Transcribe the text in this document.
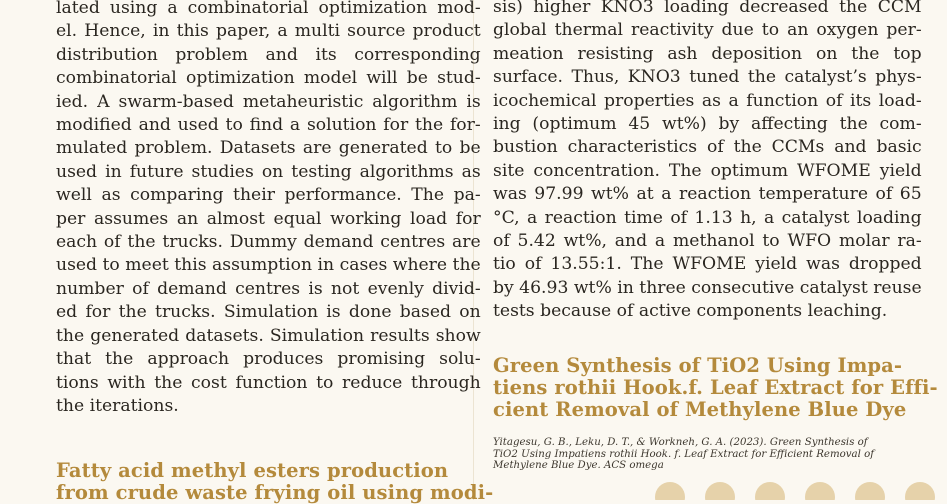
lated using a combinatorial optimization mod-
el. Hence, in this paper, a multi source product
distribution problem and its corresponding
combinatorial optimization model will be stud-
ied. A swarm-based metaheuristic algorithm is
modified and used to find a solution for the for-
mulated problem. Datasets are generated to be
used in future studies on testing algorithms as
well as comparing their performance. The pa-
per assumes an almost equal working load for
each of the trucks. Dummy demand centres are
used to meet this assumption in cases where the
number of demand centres is not evenly divid-
ed for the trucks. Simulation is done based on
the generated datasets. Simulation results show
that the approach produces promising solu-
tions with the cost function to reduce through
the iterations.

Fatty acid methyl esters production
from crude waste frying oil using modi-

sis) higher KNO3 loading decreased the CCM
global thermal reactivity due to an oxygen per-
meation resisting ash deposition on the top
surface. Thus, KNO3 tuned the catalyst’s phys-
icochemical properties as a function of its load-
ing (optimum 45 wt%) by affecting the com-
bustion characteristics of the CCMs and basic
site concentration. The optimum WFOME yield
was 97.99 wt% at a reaction temperature of 65
°C, a reaction time of 1.13 h, a catalyst loading
of 5.42 wt%, and a methanol to WFO molar ra-
tio of 13.55:1. The WFOME yield was dropped
by 46.93 wt% in three consecutive catalyst reuse
tests because of active components leaching.

Green Synthesis of TiO2 Using Impa-
tiens rothii Hook.f. Leaf Extract for Effi-
cient Removal of Methylene Blue Dye

Yitagesu, G. B., Leku, D. T., & Workneh, G. A. (2023). Green Synthesis of
TiO2 Using Impatiens rothii Hook. f. Leaf Extract for Efficient Removal of
Methylene Blue Dye. ACS omega
